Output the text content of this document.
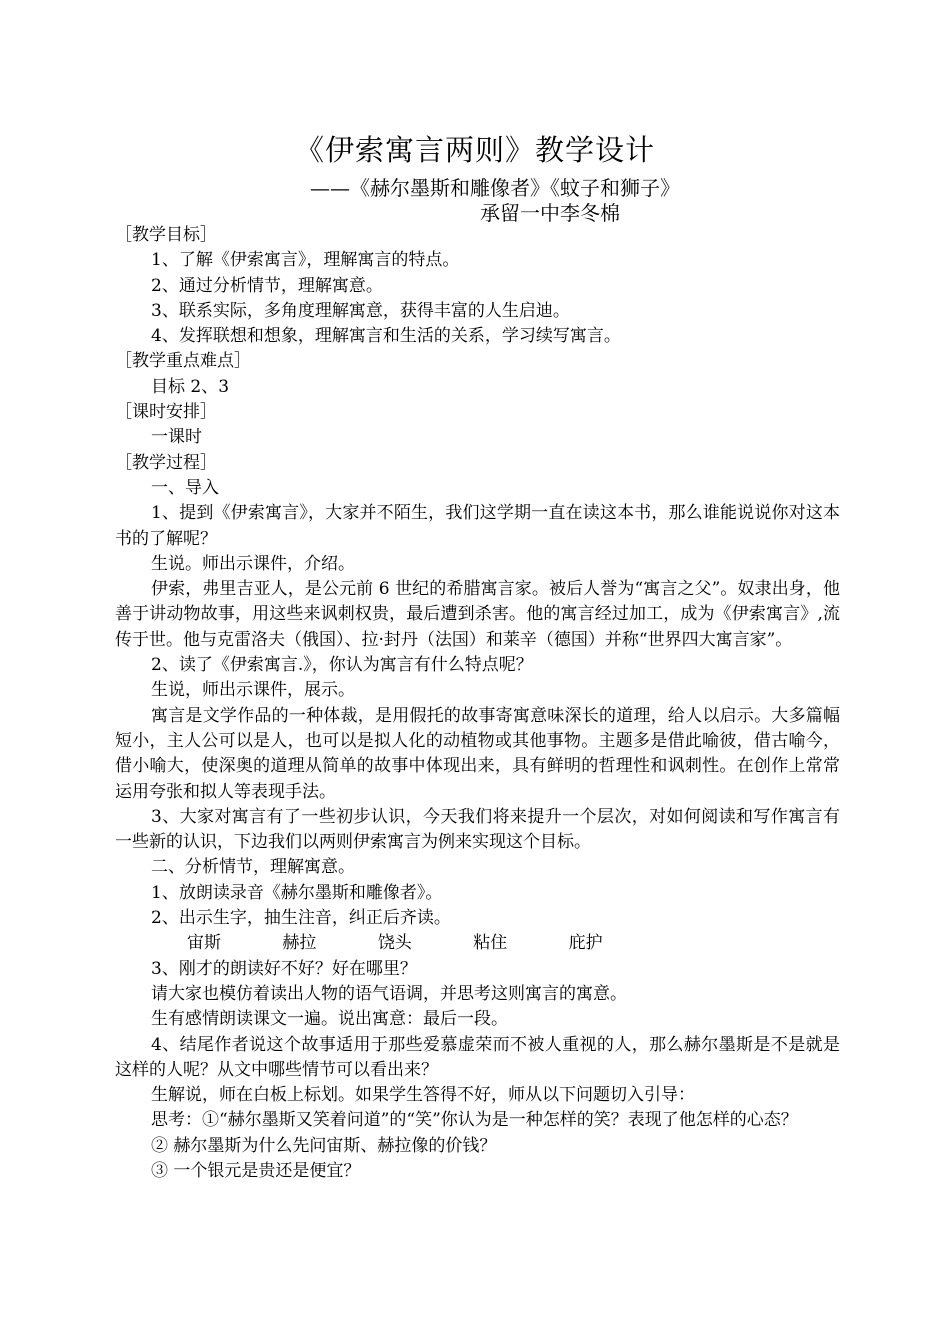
《伊索寓言两则》教学设计
——《赫尔墨斯和雕像者》《蚊子和狮子》
承留一中李冬棉

［教学目标］

1、了解《伊索寓言》，理解寓言的特点。

2、通过分析情节，理解寓意。

3、联系实际，多角度理解寓意，获得丰富的人生启迪。

4、发挥联想和想象，理解寓言和生活的关系，学习续写寓言。

［教学重点难点］

目标 2、3

［课时安排］

一课时

［教学过程］

一、导入

1、提到《伊索寓言》，大家并不陌生，我们这学期一直在读这本书，那么谁能说说你对这本书的了解呢？

生说。师出示课件，介绍。

伊索，弗里吉亚人，是公元前 6 世纪的希腊寓言家。被后人誉为“寓言之父”。奴隶出身，他善于讲动物故事，用这些来讽刺权贵，最后遭到杀害。他的寓言经过加工，成为《伊索寓言》,流传于世。他与克雷洛夫（俄国）、拉·封丹（法国）和莱辛（德国）并称“世界四大寓言家”。

2、读了《伊索寓言.》，你认为寓言有什么特点呢？

生说，师出示课件，展示。

寓言是文学作品的一种体裁，是用假托的故事寄寓意味深长的道理，给人以启示。大多篇幅短小，主人公可以是人，也可以是拟人化的动植物或其他事物。主题多是借此喻彼，借古喻今，借小喻大，使深奥的道理从简单的故事中体现出来，具有鲜明的哲理性和讽刺性。在创作上常常运用夸张和拟人等表现手法。

3、大家对寓言有了一些初步认识，今天我们将来提升一个层次，对如何阅读和写作寓言有一些新的认识，下边我们以两则伊索寓言为例来实现这个目标。

二、分析情节，理解寓意。

1、放朗读录音《赫尔墨斯和雕像者》。

2、出示生字，抽生注音，纠正后齐读。

宙斯	赫拉	饶头	粘住	庇护

3、刚才的朗读好不好？好在哪里？

请大家也模仿着读出人物的语气语调，并思考这则寓言的寓意。

生有感情朗读课文一遍。说出寓意：最后一段。

4、结尾作者说这个故事适用于那些爱慕虚荣而不被人重视的人，那么赫尔墨斯是不是就是这样的人呢？从文中哪些情节可以看出来？

生解说，师在白板上标划。如果学生答得不好，师从以下问题切入引导：

思考：①“赫尔墨斯又笑着问道”的“笑”你认为是一种怎样的笑？表现了他怎样的心态？

② 赫尔墨斯为什么先问宙斯、赫拉像的价钱？

③ 一个银元是贵还是便宜？
